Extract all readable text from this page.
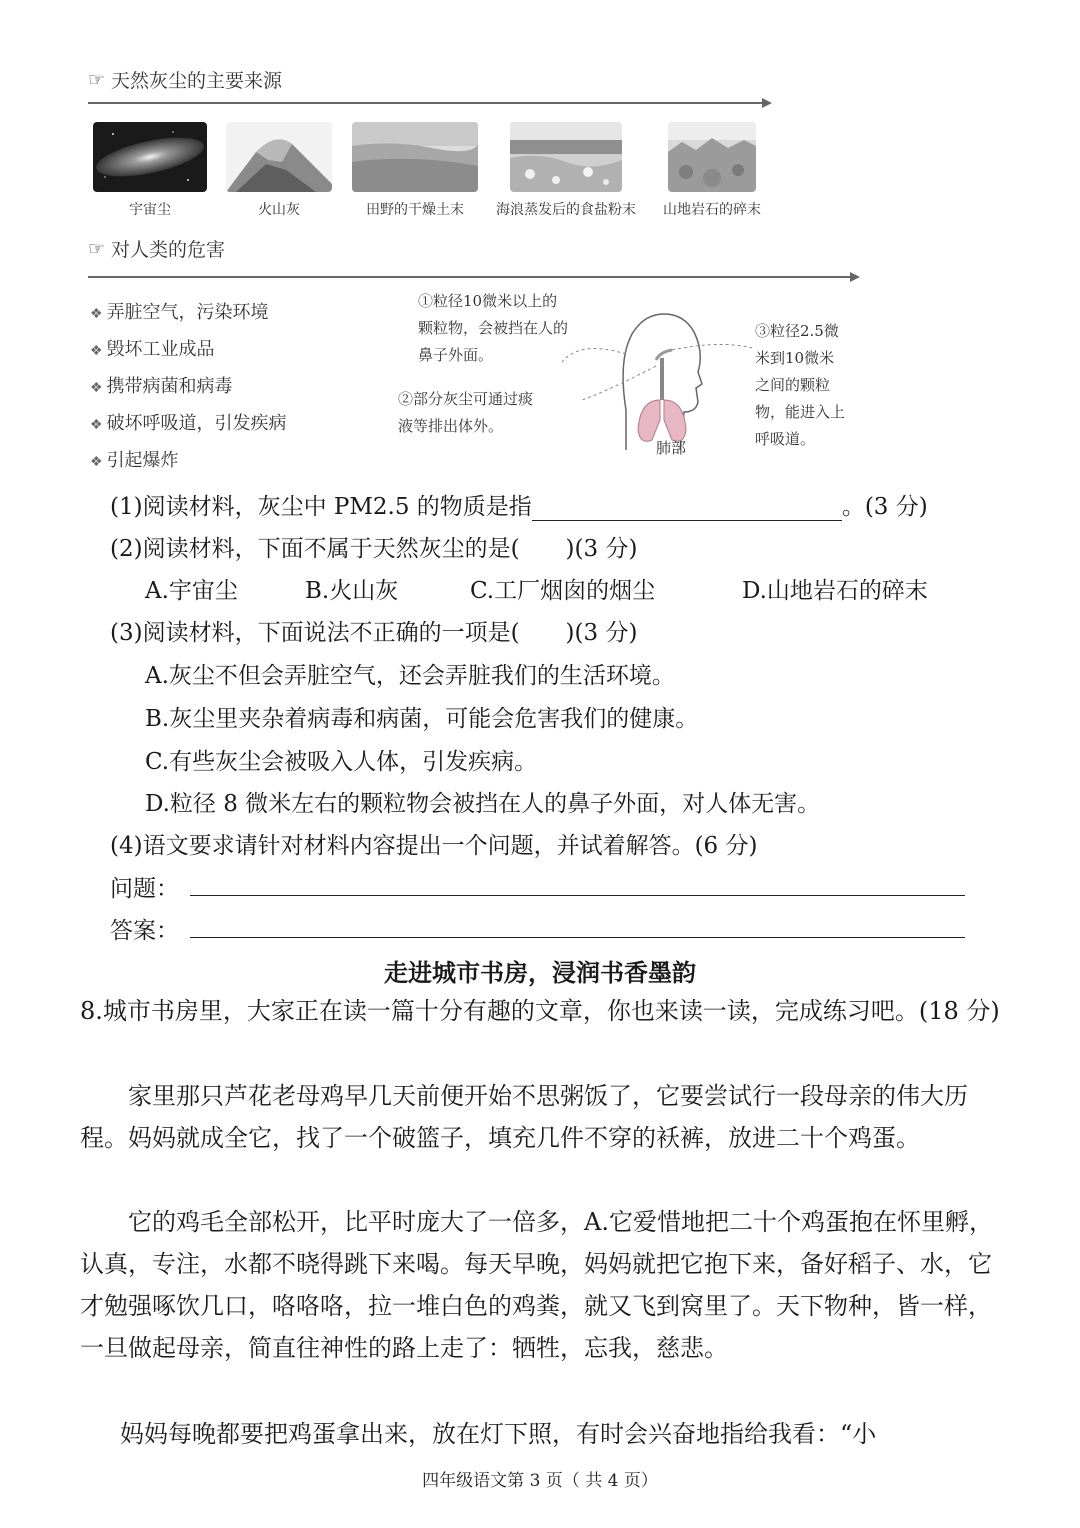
☞ 天然灰尘的主要来源
宇宙尘	火山灰	田野的干燥土末	海浪蒸发后的食盐粉末	山地岩石的碎末
☞ 对人类的危害
❖ 弄脏空气，污染环境
❖ 毁坏工业成品
❖ 携带病菌和病毒
❖ 破坏呼吸道，引发疾病
❖ 引起爆炸
①粒径10微米以上的
颗粒物，会被挡在人的
鼻子外面。
②部分灰尘可通过痰
液等排出体外。
③粒径2.5微
米到10微米
之间的颗粒
物，能进入上
呼吸道。
肺部
(1)阅读材料，灰尘中 PM2.5 的物质是指	。(3 分)
(2)阅读材料，下面不属于天然灰尘的是(　　)(3 分)
A.宇宙尘	B.火山灰	C.工厂烟囱的烟尘	D.山地岩石的碎末
(3)阅读材料，下面说法不正确的一项是(　　)(3 分)
A.灰尘不但会弄脏空气，还会弄脏我们的生活环境。
B.灰尘里夹杂着病毒和病菌，可能会危害我们的健康。
C.有些灰尘会被吸入人体，引发疾病。
D.粒径 8 微米左右的颗粒物会被挡在人的鼻子外面，对人体无害。
(4)语文要求请针对材料内容提出一个问题，并试着解答。(6 分)
问题：
答案：
走进城市书房，浸润书香墨韵
8.城市书房里，大家正在读一篇十分有趣的文章，你也来读一读，完成练习吧。(18 分)
家里那只芦花老母鸡早几天前便开始不思粥饭了，它要尝试行一段母亲的伟大历程。妈妈就成全它，找了一个破篮子，填充几件不穿的袄裤，放进二十个鸡蛋。
它的鸡毛全部松开，比平时庞大了一倍多，A.它爱惜地把二十个鸡蛋抱在怀里孵，认真，专注，水都不晓得跳下来喝。每天早晚，妈妈就把它抱下来，备好稻子、水，它才勉强啄饮几口，咯咯咯，拉一堆白色的鸡粪，就又飞到窝里了。天下物种，皆一样，一旦做起母亲，简直往神性的路上走了：牺牲，忘我，慈悲。
妈妈每晚都要把鸡蛋拿出来，放在灯下照，有时会兴奋地指给我看：“小
四年级语文第 3 页（ 共 4 页）
